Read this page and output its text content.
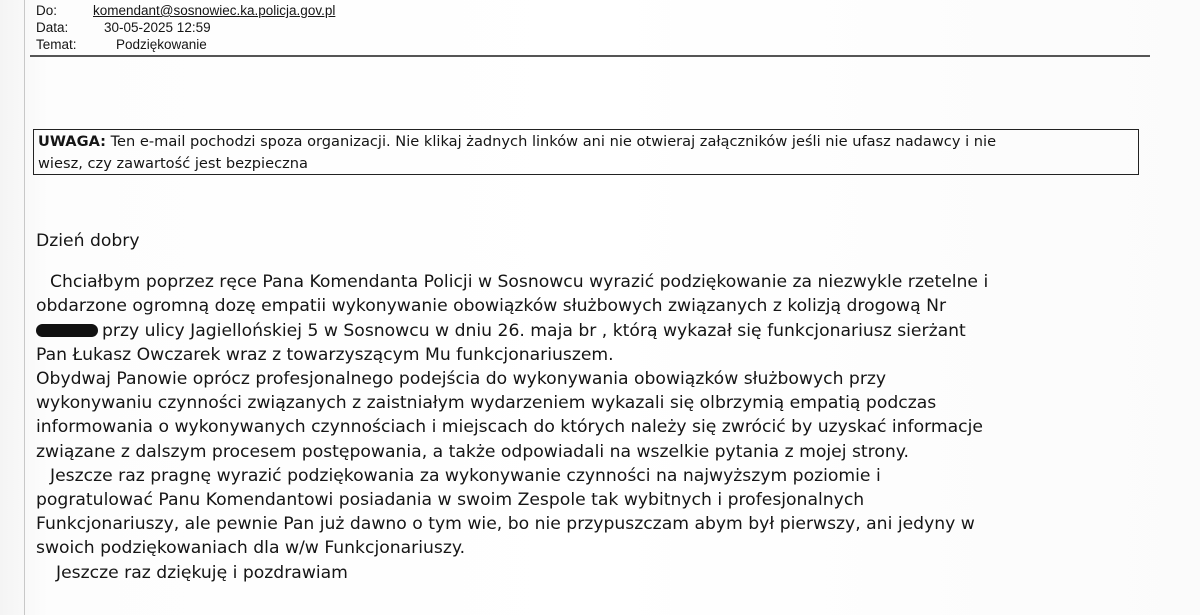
Do:	komendant@sosnowiec.ka.policja.gov.pl
Data:	30-05-2025 12:59
Temat:	Podziękowanie
UWAGA: Ten e-mail pochodzi spoza organizacji. Nie klikaj żadnych linków ani nie otwieraj załączników jeśli nie ufasz nadawcy i nie
wiesz, czy zawartość jest bezpieczna
Dzień dobry
Chciałbym poprzez ręce Pana Komendanta Policji w Sosnowcu wyrazić podziękowanie za niezwykle rzetelne i
obdarzone ogromną dozę empatii wykonywanie obowiązków służbowych związanych z kolizją drogową Nr
przy ulicy Jagiellońskiej 5 w Sosnowcu w dniu 26. maja br , którą wykazał się funkcjonariusz sierżant
Pan Łukasz Owczarek wraz z towarzyszącym Mu funkcjonariuszem.
Obydwaj Panowie oprócz profesjonalnego podejścia do wykonywania obowiązków służbowych przy
wykonywaniu czynności związanych z zaistniałym wydarzeniem wykazali się olbrzymią empatią podczas
informowania o wykonywanych czynnościach i miejscach do których należy się zwrócić by uzyskać informacje
związane z dalszym procesem postępowania, a także odpowiadali na wszelkie pytania z mojej strony.
Jeszcze raz pragnę wyrazić podziękowania za wykonywanie czynności na najwyższym poziomie i
pogratulować Panu Komendantowi posiadania w swoim Zespole tak wybitnych i profesjonalnych
Funkcjonariuszy, ale pewnie Pan już dawno o tym wie, bo nie przypuszczam abym był pierwszy, ani jedyny w
swoich podziękowaniach dla w/w Funkcjonariuszy.
Jeszcze raz dziękuję i pozdrawiam
